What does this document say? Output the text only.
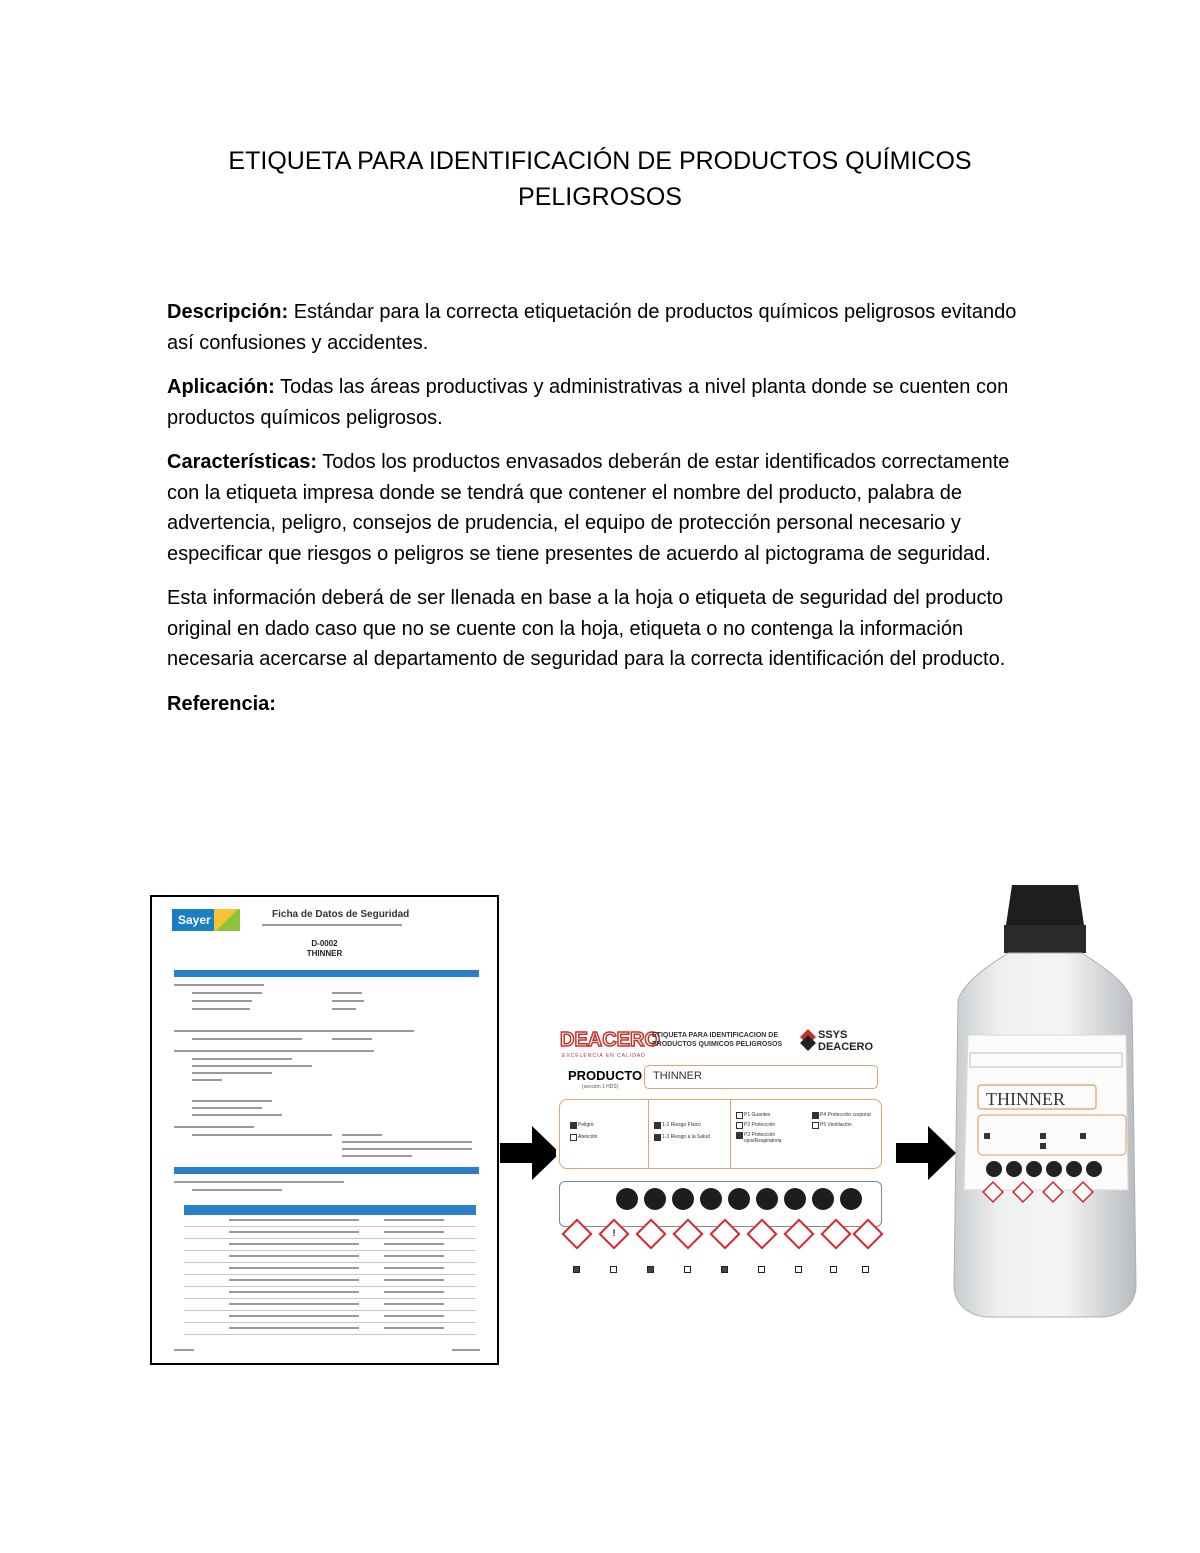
ETIQUETA PARA IDENTIFICACIÓN DE PRODUCTOS QUÍMICOS PELIGROSOS

Descripción: Estándar para la correcta etiquetación de productos químicos peligrosos evitando así confusiones y accidentes.

Aplicación: Todas las áreas productivas y administrativas a nivel planta donde se cuenten con productos químicos peligrosos.

Características: Todos los productos envasados deberán de estar identificados correctamente con la etiqueta impresa donde se tendrá que contener el nombre del producto, palabra de advertencia, peligro, consejos de prudencia, el equipo de protección personal necesario y especificar que riesgos o peligros se tiene presentes de acuerdo al pictograma de seguridad.

Esta información deberá de ser llenada en base a la hoja o etiqueta de seguridad del producto original en dado caso que no se cuente con la hoja, etiqueta o no contenga la información necesaria acercarse al departamento de seguridad para la correcta identificación del producto.

Referencia:

Sayer	Ficha de Datos de Seguridad
D-0002
THINNER
DEACERO
EXCELENCIA EN CALIDAD
ETIQUETA PARA IDENTIFICACION DE PRODUCTOS QUIMICOS PELIGROSOS
SSYS DEACERO
PRODUCTO
(sección 1 HDS)
THINNER
Peligro
Atención
1-2 Riesgo Físico
1-3 Riesgo a la Salud
P1 Guantes
P2 Protección
P3 Protección ojos/Respiratoria
P4 Protección corporal
P5 Ventilación
!
THINNER
